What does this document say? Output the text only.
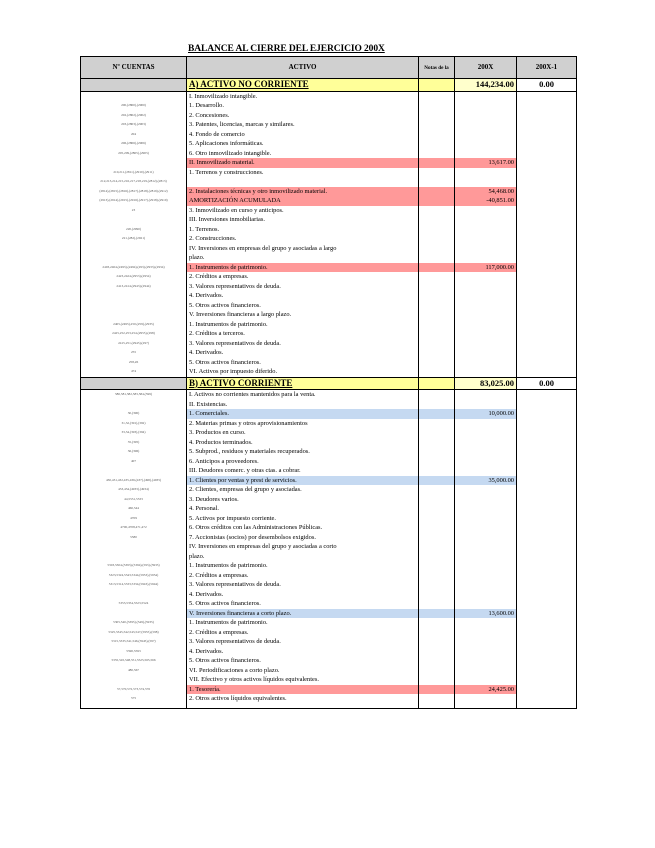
BALANCE AL CIERRE DEL EJERCICIO 200X
Nº CUENTAS	ACTIVO	Notas de la	200X	200X-1
	A) ACTIVO NO CORRIENTE		144,234.00	0.00
	I. Inmovilizado intangible.			
200,(2800),(2900)	1. Desarrollo.			
202,(2802),(2902)	2. Concesiones.			
203,(2803),(2903)	3. Patentes, licencias, marcas y similares.			
204	4. Fondo de comercio			
206,(2806),(2906)	5. Aplicaciones informáticas.			
205,209,(2805),(2905)	6. Otro inmovilizado intangible.			
	II. Inmovilizado material.		13,617.00	
210,211,(2811),(2910),(2911)	1. Terrenos y construcciones.			
212,213,214,215,216,217,218,219,(2812),(2813)				
(2814),(2815),(2816),(2817),(2818),(2819),(2912)	2. Instalaciones técnicas y otro inmovilizado material.		54,468.00	
(2913),(2914),(2915),(2916),(2917),(2918),(2919)	AMORTIZACIÓN ACUMULADA		-40,851.00	
23	3. Inmovilizado en curso y anticipos.			
	III. Inversiones inmobiliarias.			
220,(2990)	1. Terrenos.			
221,(282),(2921)	2. Construcciones.			
	IV. Inversiones en empresas del grupo y asociadas a largo			
	plazo.			
2403,2404,(2493),(2494),(293),(2933),(2934)	1. Instrumentos de patrimonio.		117,000.00	
2423,2424,(2953),(2954)	2. Créditos a empresas.			
2413,2414,(2943),(2944)	3. Valores representativos de deuda.			
	4. Derivados.			
	5. Otros activos financieros.			
	V. Inversiones financieras a largo plazo.			
2405,(2495),250,(259),(2935)	1. Instrumentos de patrimonio.			
2425,252,253,254,(2955),(298)	2. Créditos a terceros.			
2415,251,(2945),(297)	3. Valores representativos de deuda.			
255	4. Derivados.			
258,26	5. Otros activos financieros.			
474	VI. Activos por impuesto diferido.			
	B) ACTIVO CORRIENTE		83,025.00	0.00
580,581,582,583,584,(599)	I. Activos no corrientes mantenidos para la venta.			
	II. Existencias.			
30,(390)	1. Comerciales.		10,000.00	
31,32,(391),(392)	2. Materias primas y otros aprovisionamientos			
33,34,(393),(394)	3. Productos en curso.			
35,(395)	4. Productos terminados.			
36,(396)	5. Subprod., residuos y materiales recuperados.			
407	6. Anticipos a proveedores.			
	III. Deudores comerc. y otras ctas. a cobrar.			
430,431,432,435,436,(437),(490),(4935)	1. Clientes por ventas y prest de servicios.		35,000.00	
433,434,(4933),(4934)	2. Clientes, empresas del grupo y asociadas.			
44,5531,5533	3. Deudores varios.			
460,544	4. Personal.			
4709	5. Activos por impuesto corriente.			
4700,4708,471,472	6. Otros créditos con las Administraciones Públicas.			
5580	7. Accionistas (socios) por desembolsos exigidos.			
	IV. Inversiones en empresas del grupo y asociadas a corto			
	plazo.			
5303,5304,(5393),(5394),(593),(5933)	1. Instrumentos de patrimonio.			
5323,5324,5343,5344,(5953),(5954)	2. Créditos a empresas.			
5313,5314,5333,5334,(5943),(5944)	3. Valores representativos de deuda.			
	4. Derivados.			
5353,5354,5523,5524	5. Otros activos financieros.			
	V. Inversiones financieras a corto plazo.		13,600.00	
5305,540,(5395),(549),(5935)	1. Instrumentos de patrimonio.			
5325,5345,542,543,547,(5955),(598)	2. Créditos a empresas.			
5315,5335,541,546,(5945),(597)	3. Valores representativos de deuda.			
5590,5593	4. Derivados.			
5355,545,548,551,5525,565,566	5. Otros activos financieros.			
480,567	VI. Periodificaciones a corto plazo.			
	VII. Efectivo y otros activos líquidos equivalentes.			
57,570,572,573,574,576	1. Tesorería.		24,425.00	
575	2. Otros activos líquidos equivalentes.			
